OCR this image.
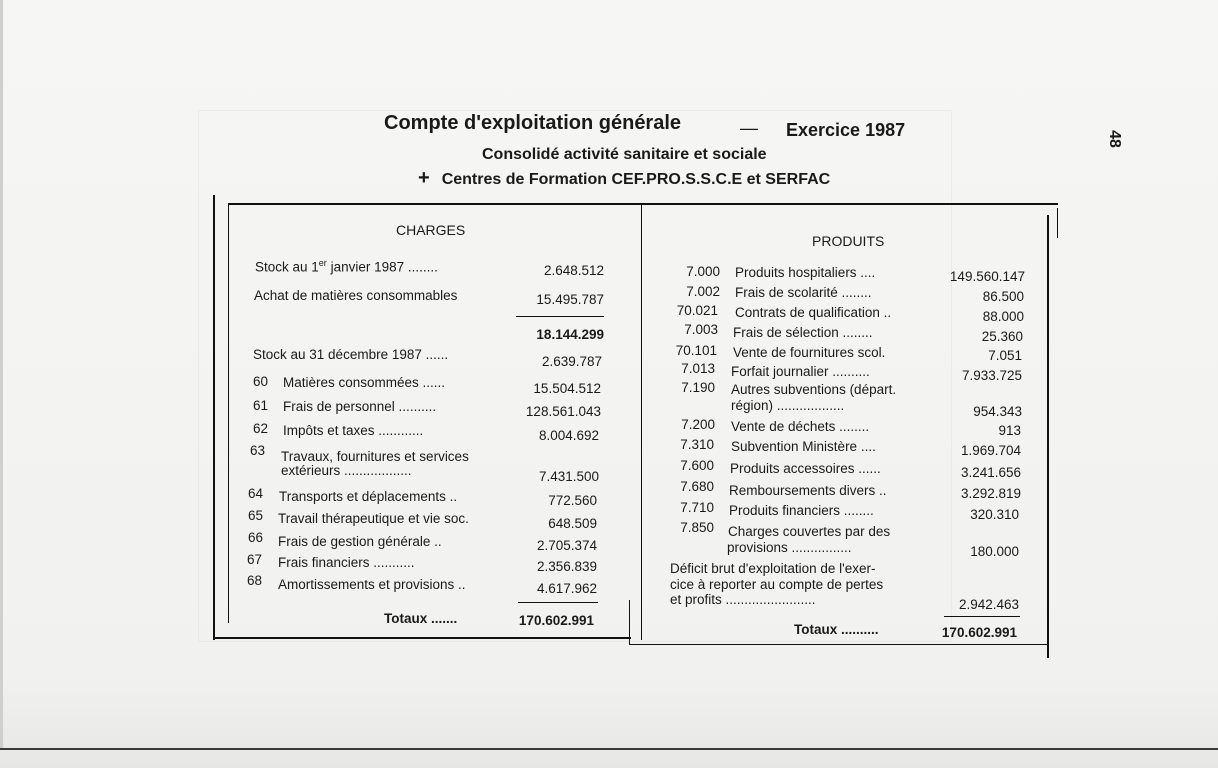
48
Compte d'exploitation générale	— Exercice 1987
Consolidé activité sanitaire et sociale
+ Centres de Formation CEF.PRO.S.S.C.E et SERFAC
CHARGES
Stock au 1er janvier 1987 ........	2.648.512
Achat de matières consommables	15.495.787
18.144.299
Stock au 31 décembre 1987 ......	2.639.787
60 Matières consommées ......	15.504.512
61 Frais de personnel ..........	128.561.043
62 Impôts et taxes ............	8.004.692
63 Travaux, fournitures et services
extérieurs ..................	7.431.500
64 Transports et déplacements ..	772.560
65 Travail thérapeutique et vie soc.	648.509
66 Frais de gestion générale ..	2.705.374
67 Frais financiers ...........	2.356.839
68 Amortissements et provisions ..	4.617.962
Totaux .......	170.602.991
PRODUITS
7.000 Produits hospitaliers ....	149.560.147
7.002 Frais de scolarité ........	86.500
70.021 Contrats de qualification ..	88.000
7.003 Frais de sélection ........	25.360
70.101 Vente de fournitures scol.	7.051
7.013 Forfait journalier ..........	7.933.725
7.190 Autres subventions (départ.
région) ..................	954.343
7.200 Vente de déchets ........	913
7.310 Subvention Ministère ....	1.969.704
7.600 Produits accessoires ......	3.241.656
7.680 Remboursements divers ..	3.292.819
7.710 Produits financiers ........	320.310
7.850 Charges couvertes par des
provisions ................	180.000
Déficit brut d'exploitation de l'exer-
cice à reporter au compte de pertes
et profits ........................	2.942.463
Totaux ..........	170.602.991
